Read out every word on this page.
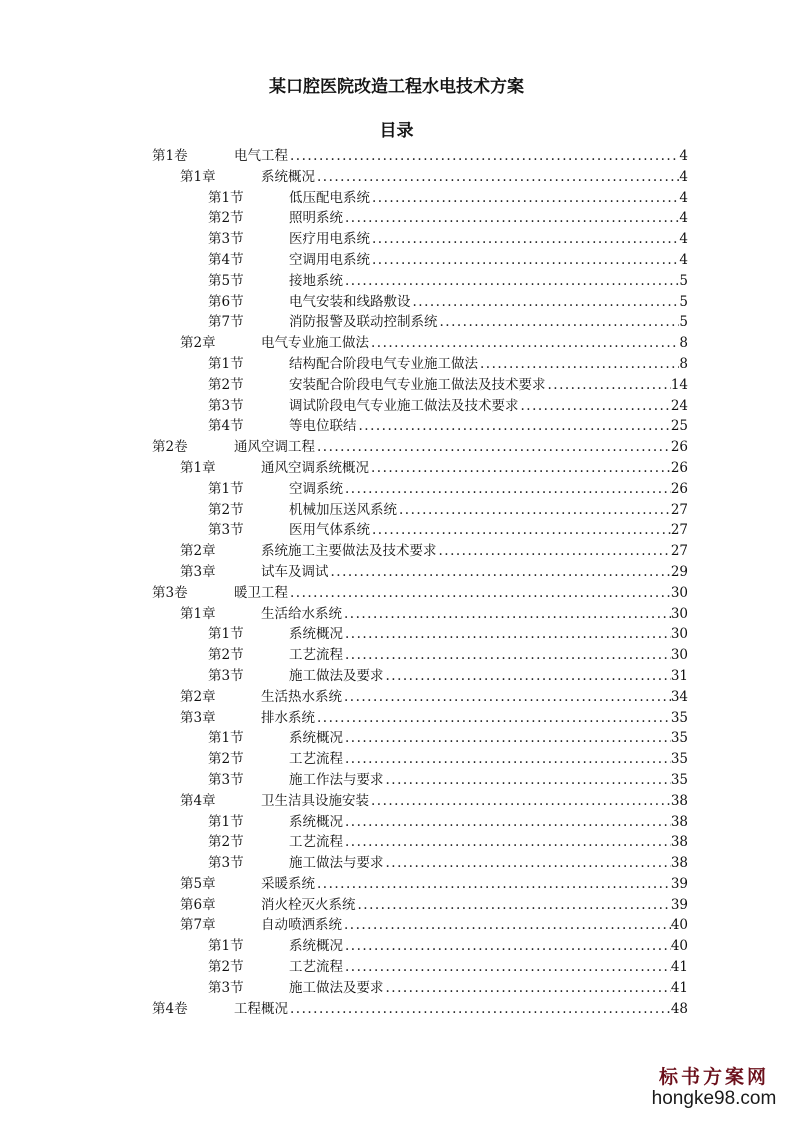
某口腔医院改造工程水电技术方案
目录
第1卷	电气工程 .....	4
第1章	系统概况 .....	4
第1节	低压配电系统 .....	4
第2节	照明系统 .....	4
第3节	医疗用电系统 .....	4
第4节	空调用电系统 .....	4
第5节	接地系统 .....	5
第6节	电气安装和线路敷设 .....	5
第7节	消防报警及联动控制系统 .....	5
第2章	电气专业施工做法 .....	8
第1节	结构配合阶段电气专业施工做法 .....	8
第2节	安装配合阶段电气专业施工做法及技术要求 .....	14
第3节	调试阶段电气专业施工做法及技术要求 .....	24
第4节	等电位联结 .....	25
第2卷	通风空调工程 .....	26
第1章	通风空调系统概况 .....	26
第1节	空调系统 .....	26
第2节	机械加压送风系统 .....	27
第3节	医用气体系统 .....	27
第2章	系统施工主要做法及技术要求 .....	27
第3章	试车及调试 .....	29
第3卷	暖卫工程 .....	30
第1章	生活给水系统 .....	30
第1节	系统概况 .....	30
第2节	工艺流程 .....	30
第3节	施工做法及要求 .....	31
第2章	生活热水系统 .....	34
第3章	排水系统 .....	35
第1节	系统概况 .....	35
第2节	工艺流程 .....	35
第3节	施工作法与要求 .....	35
第4章	卫生洁具设施安装 .....	38
第1节	系统概况 .....	38
第2节	工艺流程 .....	38
第3节	施工做法与要求 .....	38
第5章	采暖系统 .....	39
第6章	消火栓灭火系统 .....	39
第7章	自动喷洒系统 .....	40
第1节	系统概况 .....	40
第2节	工艺流程 .....	41
第3节	施工做法及要求 .....	41
第4卷	工程概况 .....	48
标书方案网
hongke98.com
